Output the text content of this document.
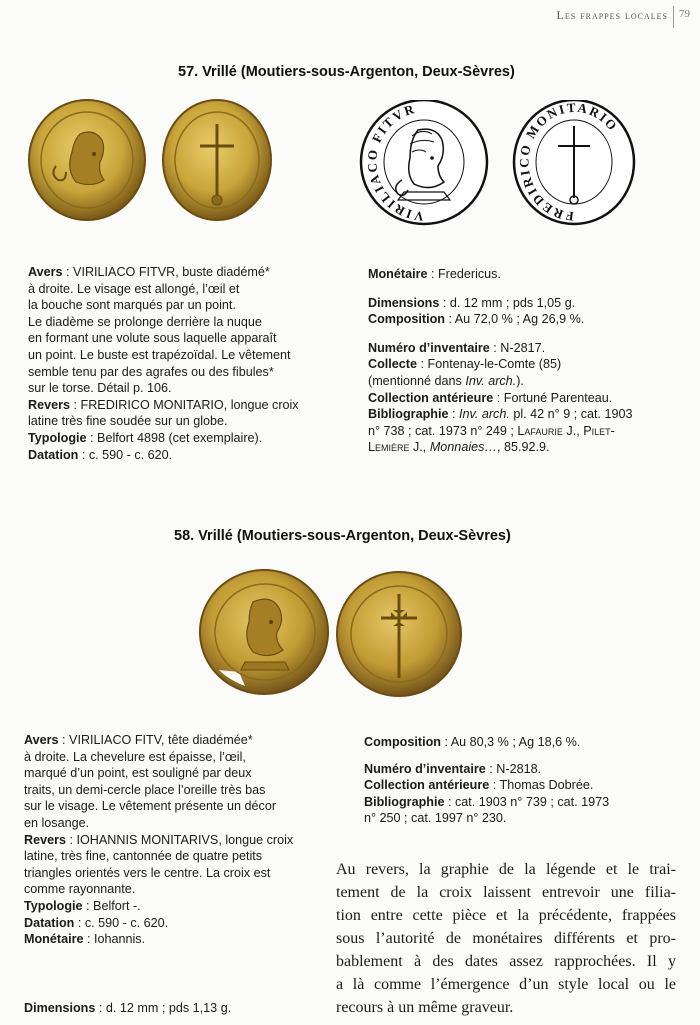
Les frappes locales 79
57. Vrillé (Moutiers-sous-Argenton, Deux-Sèvres)
VIRILIACO FITVR
FREDIRICO MONITARIO

Avers : VIRILIACO FITVR, buste diadémé*

à droite. Le visage est allongé, l’œil et

la bouche sont marqués par un point.

Le diadème se prolonge derrière la nuque

en formant une volute sous laquelle apparaît

un point. Le buste est trapézoïdal. Le vêtement

semble tenu par des agrafes ou des fibules*

sur le torse. Détail p. 106.

Revers : FREDIRICO MONITARIO, longue croix

latine très fine soudée sur un globe.

Typologie : Belfort 4898 (cet exemplaire).

Datation : c. 590 - c. 620.

Monétaire : Fredericus.

Dimensions : d. 12 mm ; pds 1,05 g.

Composition : Au 72,0 % ; Ag 26,9 %.

Numéro d’inventaire : N-2817.

Collecte : Fontenay-le-Comte (85)

(mentionné dans Inv. arch.).

Collection antérieure : Fortuné Parenteau.

Bibliographie : Inv. arch. pl. 42 n° 9 ; cat. 1903

n° 738 ; cat. 1973 n° 249 ; Lafaurie J., Pilet-

Lemière J., Monnaies…, 85.92.9.

58. Vrillé (Moutiers-sous-Argenton, Deux-Sèvres)

Avers : VIRILIACO FITV, tête diadémée*

à droite. La chevelure est épaisse, l’œil,

marqué d’un point, est souligné par deux

traits, un demi-cercle place l’oreille très bas

sur le visage. Le vêtement présente un décor

en losange.

Revers : IOHANNIS MONITARIVS, longue croix

latine, très fine, cantonnée de quatre petits

triangles orientés vers le centre. La croix est

comme rayonnante.

Typologie : Belfort -.

Datation : c. 590 - c. 620.

Monétaire : Iohannis.

Dimensions : d. 12 mm ; pds 1,13 g.

Composition : Au 80,3 % ; Ag 18,6 %.

Numéro d’inventaire : N-2818.

Collection antérieure : Thomas Dobrée.

Bibliographie : cat. 1903 n° 739 ; cat. 1973

n° 250 ; cat. 1997 n° 230.

Au revers, la graphie de la légende et le trai-
tement de la croix laissent entrevoir une filia-
tion entre cette pièce et la précédente, frappées
sous l’autorité de monétaires différents et pro-
bablement à des dates assez rapprochées. Il y
a là comme l’émergence d’un style local ou le
recours à un même graveur.
